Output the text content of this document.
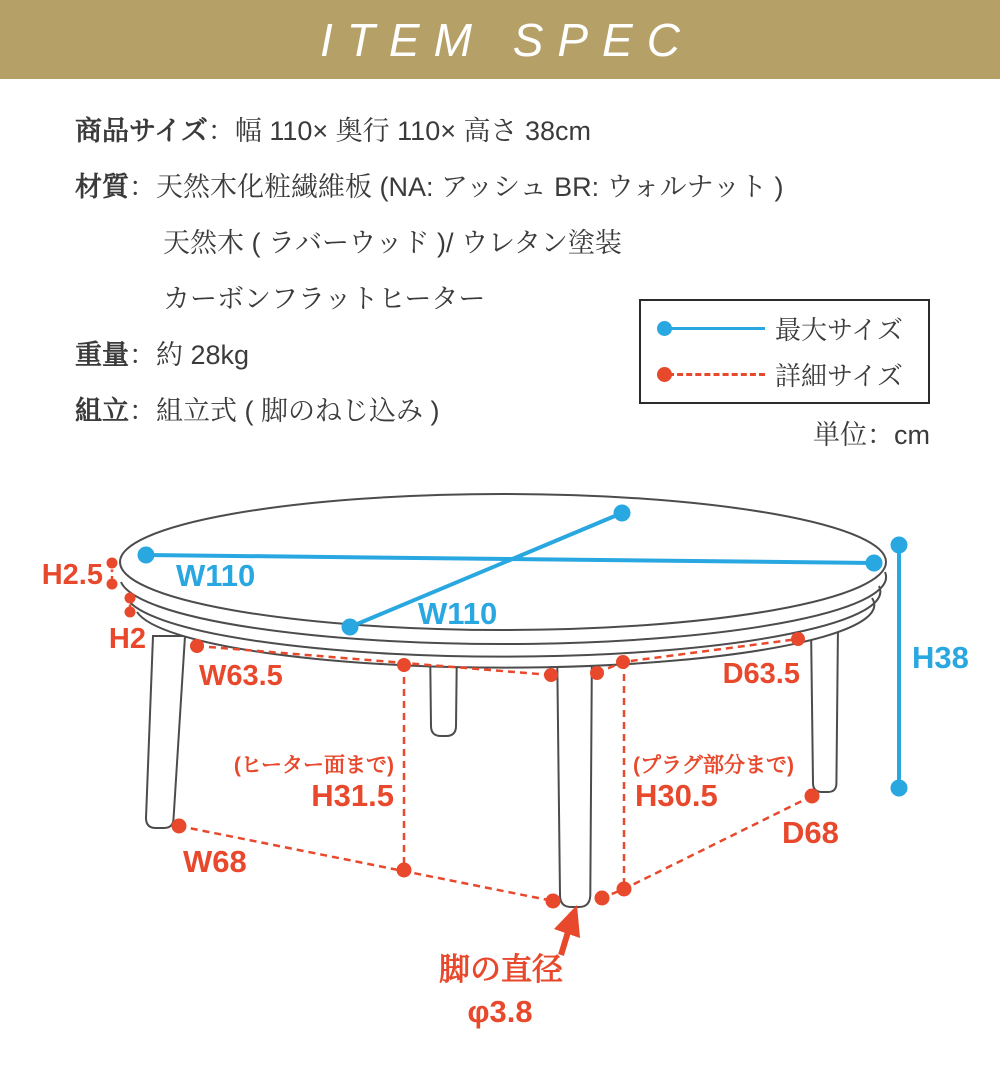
ITEM SPEC
商品サイズ：幅 110× 奥行 110× 高さ 38cm
材質：天然木化粧繊維板 (NA: アッシュ BR: ウォルナット )
天然木 ( ラバーウッド )/ ウレタン塗装
カーボンフラットヒーター
重量：約 28kg
組立：組立式 ( 脚のねじ込み )
最大サイズ
詳細サイズ
単位：cm
W110
W110
H38
H2.5
H2
W63.5	D63.5
(ヒーター面まで)
H31.5
(プラグ部分まで)
H30.5
W68
D68
脚の直径
φ3.8
